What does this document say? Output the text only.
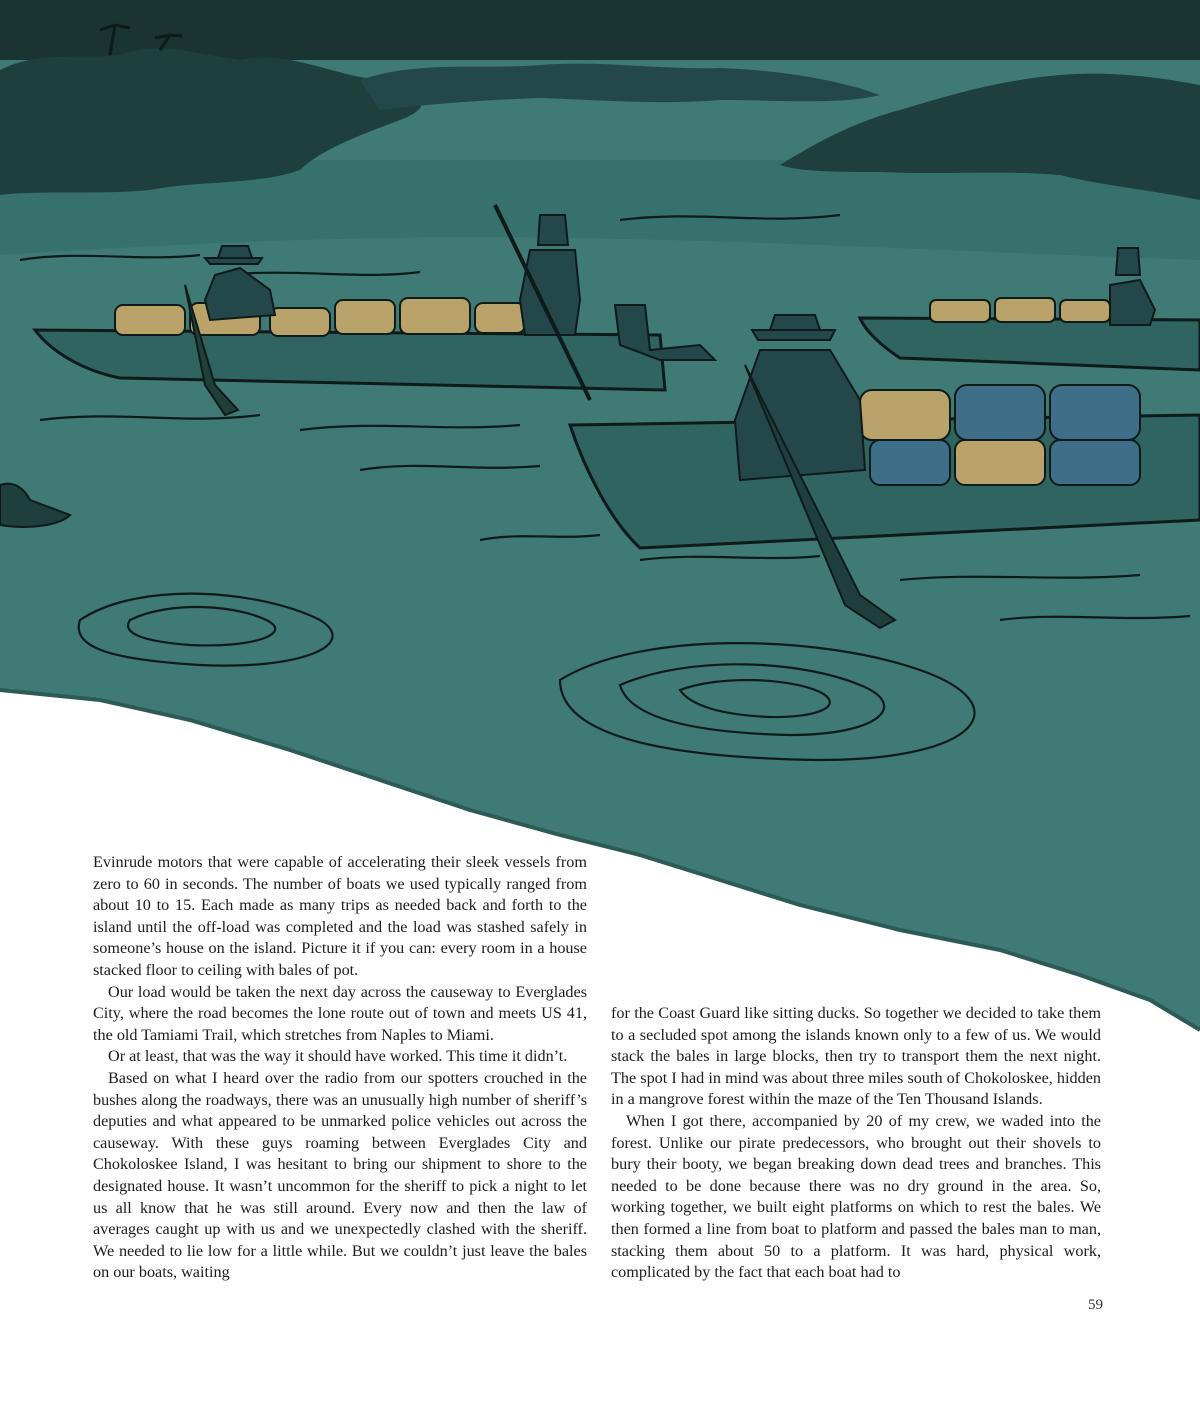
Evinrude motors that were capable of accelerating their sleek vessels from zero to 60 in seconds. The number of boats we used typically ranged from about 10 to 15. Each made as many trips as needed back and forth to the island until the off-load was completed and the load was stashed safely in someone’s house on the island. Picture it if you can: every room in a house stacked floor to ceiling with bales of pot.

Our load would be taken the next day across the causeway to Everglades City, where the road becomes the lone route out of town and meets US 41, the old Tamiami Trail, which stretches from Naples to Miami.

Or at least, that was the way it should have worked. This time it didn’t.

Based on what I heard over the radio from our spotters crouched in the bushes along the roadways, there was an unusually high number of sheriff’s deputies and what appeared to be unmarked police vehicles out across the causeway. With these guys roaming between Everglades City and Chokoloskee Island, I was hesitant to bring our shipment to shore to the designated house. It wasn’t uncommon for the sheriff to pick a night to let us all know that he was still around. Every now and then the law of averages caught up with us and we unexpectedly clashed with the sheriff. We needed to lie low for a little while. But we couldn’t just leave the bales on our boats, waiting

for the Coast Guard like sitting ducks. So together we decided to take them to a secluded spot among the islands known only to a few of us. We would stack the bales in large blocks, then try to transport them the next night. The spot I had in mind was about three miles south of Chokoloskee, hidden in a mangrove forest within the maze of the Ten Thousand Islands.

When I got there, accompanied by 20 of my crew, we waded into the forest. Unlike our pirate predecessors, who brought out their shovels to bury their booty, we began breaking down dead trees and branches. This needed to be done because there was no dry ground in the area. So, working together, we built eight platforms on which to rest the bales. We then formed a line from boat to platform and passed the bales man to man, stacking them about 50 to a platform. It was hard, physical work, complicated by the fact that each boat had to

59
